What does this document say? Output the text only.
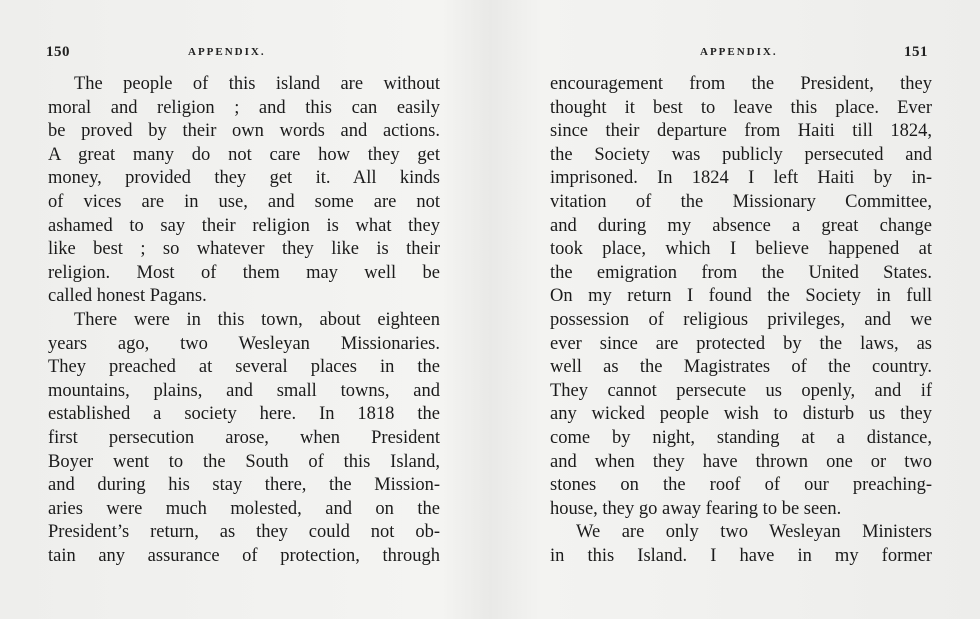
150	APPENDIX.
The people of this island are without
moral and religion ; and this can easily
be proved by their own words and actions.
A great many do not care how they get
money, provided they get it. All kinds
of vices are in use, and some are not
ashamed to say their religion is what they
like best ; so whatever they like is their
religion. Most of them may well be
called honest Pagans.
There were in this town, about eighteen
years ago, two Wesleyan Missionaries.
They preached at several places in the
mountains, plains, and small towns, and
established a society here. In 1818 the
first persecution arose, when President
Boyer went to the South of this Island,
and during his stay there, the Mission-
aries were much molested, and on the
President’s return, as they could not ob-
tain any assurance of protection, through
APPENDIX.	151
encouragement from the President, they
thought it best to leave this place. Ever
since their departure from Haiti till 1824,
the Society was publicly persecuted and
imprisoned. In 1824 I left Haiti by in-
vitation of the Missionary Committee,
and during my absence a great change
took place, which I believe happened at
the emigration from the United States.
On my return I found the Society in full
possession of religious privileges, and we
ever since are protected by the laws, as
well as the Magistrates of the country.
They cannot persecute us openly, and if
any wicked people wish to disturb us they
come by night, standing at a distance,
and when they have thrown one or two
stones on the roof of our preaching-
house, they go away fearing to be seen.
We are only two Wesleyan Ministers
in this Island. I have in my former
